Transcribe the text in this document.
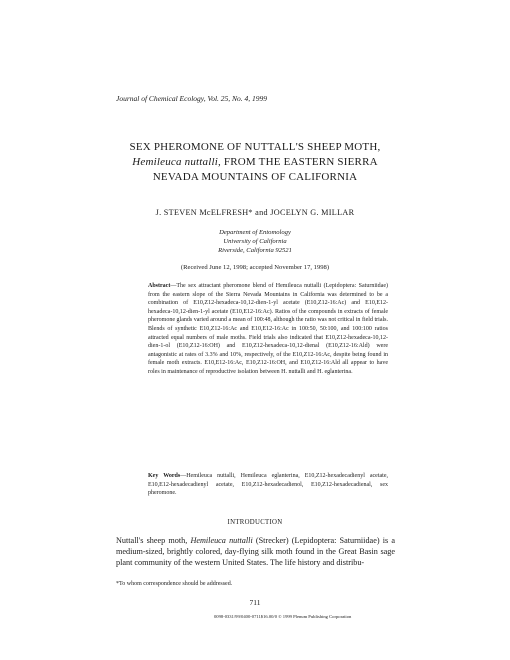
Journal of Chemical Ecology, Vol. 25, No. 4, 1999
SEX PHEROMONE OF NUTTALL'S SHEEP MOTH,
Hemileuca nuttalli, FROM THE EASTERN SIERRA
NEVADA MOUNTAINS OF CALIFORNIA
J. STEVEN McELFRESH* and JOCELYN G. MILLAR
Department of Entomology
University of California
Riverside, California 92521
(Received June 12, 1998; accepted November 17, 1998)
Abstract—The sex attractant pheromone blend of Hemileuca nuttalli (Lepidoptera: Saturniidae) from the eastern slope of the Sierra Nevada Mountains in California was determined to be a combination of E10,Z12-hexadeca-10,12-dien-1-yl acetate (E10,Z12-16:Ac) and E10,E12-hexadeca-10,12-dien-1-yl acetate (E10,E12-16:Ac). Ratios of the compounds in extracts of female pheromone glands varied around a mean of 100:48, although the ratio was not critical in field trials. Blends of synthetic E10,Z12-16:Ac and E10,E12-16:Ac in 100:50, 50:100, and 100:100 ratios attracted equal numbers of male moths. Field trials also indicated that E10,Z12-hexadeca-10,12-dien-1-ol (E10,Z12-16:OH) and E10,Z12-hexadeca-10,12-dienal (E10,Z12-16:Ald) were antagonistic at rates of 3.3% and 10%, respectively, of the E10,Z12-16:Ac, despite being found in female moth extracts. E10,E12-16:Ac, E10,Z12-16:OH, and E10,Z12-16:Ald all appear to have roles in maintenance of reproductive isolation between H. nuttalli and H. eglanterina.
Key Words—Hemileuca nuttalli, Hemileuca eglanterina, E10,Z12-hexadecadienyl acetate, E10,E12-hexadecadienyl acetate, E10,Z12-hexadecadienol, E10,Z12-hexadecadienal, sex pheromone.
INTRODUCTION
Nuttall's sheep moth, Hemileuca nuttalli (Strecker) (Lepidoptera: Saturniidae) is a medium-sized, brightly colored, day-flying silk moth found in the Great Basin sage plant community of the western United States. The life history and distribu-
*To whom correspondence should be addressed.
711
0098-0331/99/0400-0711$16.00/0 © 1999 Plenum Publishing Corporation
